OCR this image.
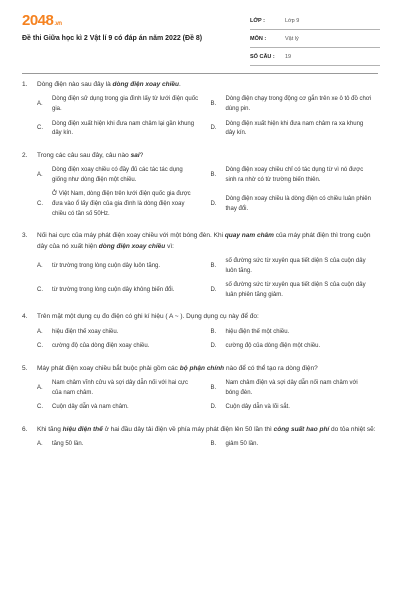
2048.vn
Đề thi Giữa học kì 2 Vật lí 9 có đáp án năm 2022 (Đề 8)
LỚP :	Lớp 9
MÔN :	Vật lý
SỐ CÂU :	19
1.	Dòng điện nào sau đây là dòng điện xoay chiều.
A.
Dòng điện sử dụng trong gia đình lấy từ lưới điện quốc gia.
B.
Dòng điện chạy trong động cơ gắn trên xe ô tô đồ chơi dùng pin.
C.
Dòng điện xuất hiện khi đưa nam châm lại gần khung dây kín.
D.
Dòng điện xuất hiện khi đưa nam châm ra xa khung dây kín.
2.	Trong các câu sau đây, câu nào sai?
A.
Dòng điện xoay chiều có đầy đủ các tác tác dụng giống như dòng điện một chiều.
B.
Dòng điện xoay chiều chỉ có tác dụng từ vì nó được sinh ra nhờ có từ trường biến thiên.
C.
Ở Việt Nam, dòng điện trên lưới điện quốc gia được đưa vào ổ lấy điện của gia đình là dòng điện xoay chiều có tần số 50Hz.
D.
Dòng điện xoay chiều là dòng điện có chiều luân phiên thay đổi.
3.	Nối hai cực của máy phát điện xoay chiều với một bóng đèn. Khi quay nam châm của máy phát điện thì trong cuộn dây của nó xuất hiện dòng điện xoay chiều vì:
A.	từ trường trong lòng cuộn dây luôn tăng.	B.
số đường sức từ xuyên qua tiết diện S của cuộn dây luôn tăng.
C.	từ trường trong lòng cuộn dây không biến đổi.	D.
số đường sức từ xuyên qua tiết diện S của cuộn dây luân phiên tăng giảm.
4.	Trên mặt một dụng cụ đo điện có ghi kí hiệu ( A ~ ). Dụng dụng cụ này để đo:
A.	hiệu điện thế xoay chiều.	B.	hiệu điện thế một chiều.
C.	cường độ của dòng điện xoay chiều.	D.	cường độ của dòng điện một chiều.
5.	Máy phát điện xoay chiều bắt buộc phải gồm các bộ phận chính nào để có thể tạo ra dòng điện?
A.
Nam châm vĩnh cửu và sợi dây dẫn nối với hai cực của nam châm.
B.
Nam châm điện và sợi dây dẫn nối nam châm với bóng đèn.
C.	Cuộn dây dẫn và nam châm.	D.	Cuộn dây dẫn và lõi sắt.
6.	Khi tăng hiệu điện thế ở hai đầu dây tải điện về phía máy phát điện lên 50 lần thì công suất hao phí do tỏa nhiệt sẽ:
A.	tăng 50 lần.	B.	giảm 50 lần.
